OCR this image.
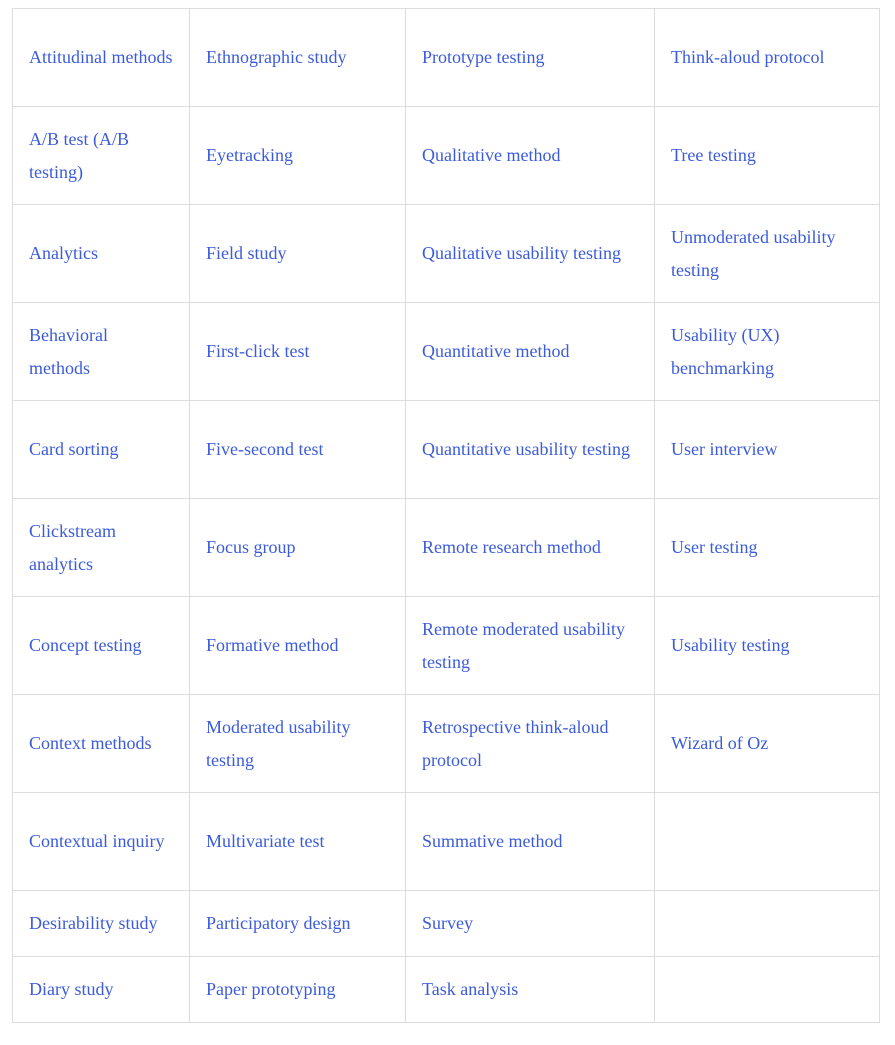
Attitudinal methods	Ethnographic study	Prototype testing	Think-aloud protocol
A/B test (A/B testing)	Eyetracking	Qualitative method	Tree testing
Analytics	Field study	Qualitative usability testing	Unmoderated usability testing
Behavioral methods	First-click test	Quantitative method	Usability (UX) benchmarking
Card sorting	Five-second test	Quantitative usability testing	User interview
Clickstream analytics	Focus group	Remote research method	User testing
Concept testing	Formative method	Remote moderated usability testing	Usability testing
Context methods	Moderated usability testing	Retrospective think-aloud protocol	Wizard of Oz
Contextual inquiry	Multivariate test	Summative method	
Desirability study	Participatory design	Survey	
Diary study	Paper prototyping	Task analysis	
